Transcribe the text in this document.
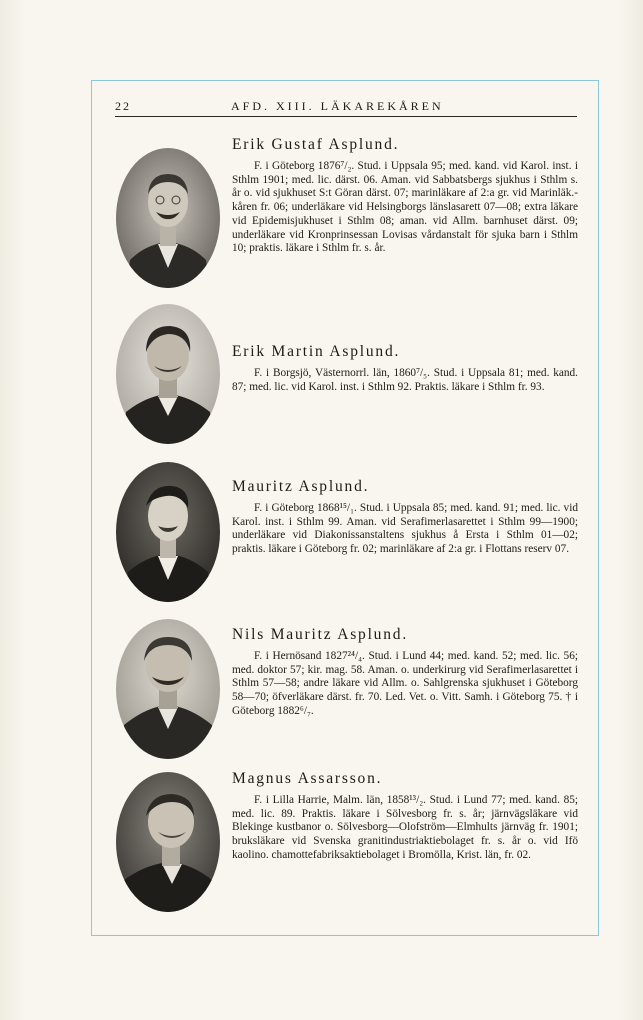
22	AFD. XIII. LÄKAREKÅREN
Erik Gustaf Asplund.

F. i Göteborg 1876⁷/₂. Stud. i Uppsala 95; med. kand. vid Karol. inst. i Sthlm 1901; med. lic. därst. 06. Aman. vid Sabbatsbergs sjukhus i Sthlm s. år o. vid sjukhuset S:t Göran därst. 07; marinläkare af 2:a gr. vid Marinläk.-kåren fr. 06; underläkare vid Helsingborgs länslasarett 07—08; extra läkare vid Epidemisjukhuset i Sthlm 08; aman. vid Allm. barnhuset därst. 09; underläkare vid Kronprinsessan Lovisas vårdanstalt för sjuka barn i Sthlm 10; praktis. läkare i Sthlm fr. s. år.

Erik Martin Asplund.

F. i Borgsjö, Västernorrl. län, 1860⁷/₅. Stud. i Uppsala 81; med. kand. 87; med. lic. vid Karol. inst. i Sthlm 92. Praktis. läkare i Sthlm fr. 93.

Mauritz Asplund.

F. i Göteborg 1868¹⁵/₁. Stud. i Uppsala 85; med. kand. 91; med. lic. vid Karol. inst. i Sthlm 99. Aman. vid Serafimerlasarettet i Sthlm 99—1900; underläkare vid Diakonissanstaltens sjukhus å Ersta i Sthlm 01—02; praktis. läkare i Göteborg fr. 02; marinläkare af 2:a gr. i Flottans reserv 07.

Nils Mauritz Asplund.

F. i Hernösand 1827²⁴/₄. Stud. i Lund 44; med. kand. 52; med. lic. 56; med. doktor 57; kir. mag. 58. Aman. o. underkirurg vid Serafimerlasarettet i Sthlm 57—58; andre läkare vid Allm. o. Sahlgrenska sjukhuset i Göteborg 58—70; öfverläkare därst. fr. 70. Led. Vet. o. Vitt. Samh. i Göteborg 75. † i Göteborg 1882⁶/₇.

Magnus Assarsson.

F. i Lilla Harrie, Malm. län, 1858¹³/₂. Stud. i Lund 77; med. kand. 85; med. lic. 89. Praktis. läkare i Sölvesborg fr. s. år; järnvägsläkare vid Blekinge kustbanor o. Sölvesborg—Olofström—Elmhults järnväg fr. 1901; bruksläkare vid Svenska granitindustriaktiebolaget fr. s. år o. vid Ifö kaolino. chamottefabriksaktiebolaget i Bromölla, Krist. län, fr. 02.
